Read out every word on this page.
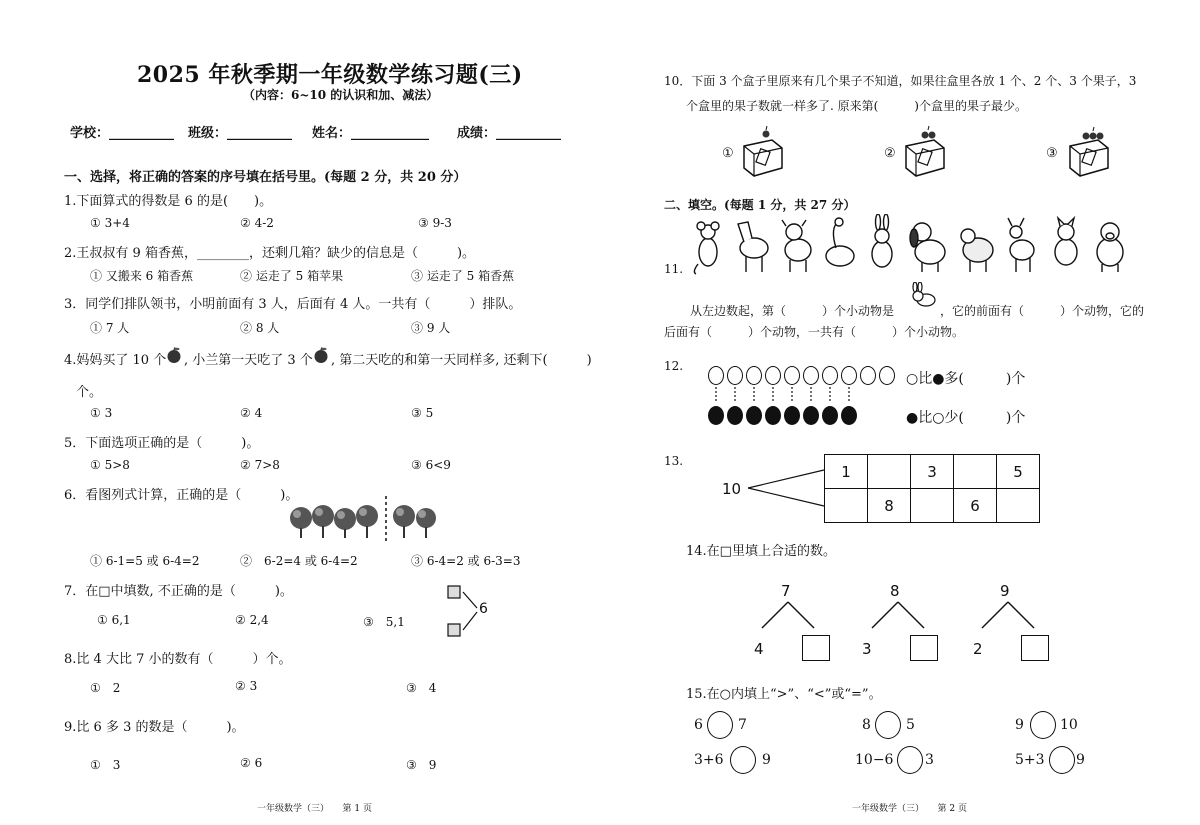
2025 年秋季期一年级数学练习题(三)
（内容：6~10 的认识和加、减法）
学校：__________ 班级：__________ 姓名：____________ 成绩：__________
一、选择，将正确的答案的序号填在括号里。(每题 2 分，共 20 分）
1.下面算式的得数是 6 的是(　　)。
① 3+4	② 4-2	③ 9-3
2.王叔叔有 9 箱香蕉，________，还剩几箱？缺少的信息是（　　　)。
① 又搬来 6 箱香蕉	② 运走了 5 箱苹果	③ 运走了 5 箱香蕉
3．同学们排队领书，小明前面有 3 人，后面有 4 人。一共有（　　　）排队。
① 7 人	② 8 人	③ 9 人
4.妈妈买了 10 个 , 小兰第一天吃了 3 个 , 第二天吃的和第一天同样多, 还剩下(　　　)
个。
① 3	② 4	③ 5
5．下面选项正确的是（　　　)。
① 5>8	② 7>8	③ 6<9
6．看图列式计算，正确的是（　　　)。
① 6-1=5 或 6-4=2	②　6-2=4 或 6-4=2	③ 6-4=2 或 6-3=3
7．在□中填数, 不正确的是（　　　)。
① 6,1	② 2,4	③　5,1
6
8.比 4 大比 7 小的数有（　　　）个。
①　2	② 3	③　4
9.比 6 多 3 的数是（　　　)。
①　3	② 6	③　9
一年级数学（三）　　第 1 页
10．下面 3 个盒子里原来有几个果子不知道，如果往盒里各放 1 个、2 个、3 个果子，3
个盒里的果子数就一样多了. 原来第(　　　)个盒里的果子最少。
①	②	③
二、填空。(每题 1 分，共 27 分）
11.
从左边数起，第（　　　）个小动物是	，它的前面有（　　　）个动物，它的
后面有（　　　）个动物，一共有（　　　）个小动物。
12.
○比●多(　　　)个
●比○少(　　　)个
13.
10
1		3		5
	8		6	
14.在□里填上合适的数。
7
4
8
3
9
2
15.在○内填上“>”、“<”或“=”。
6	7	8	5	9	10
3+6	9	10−6 3	5+3 9
一年级数学（三）　　第 2 页
